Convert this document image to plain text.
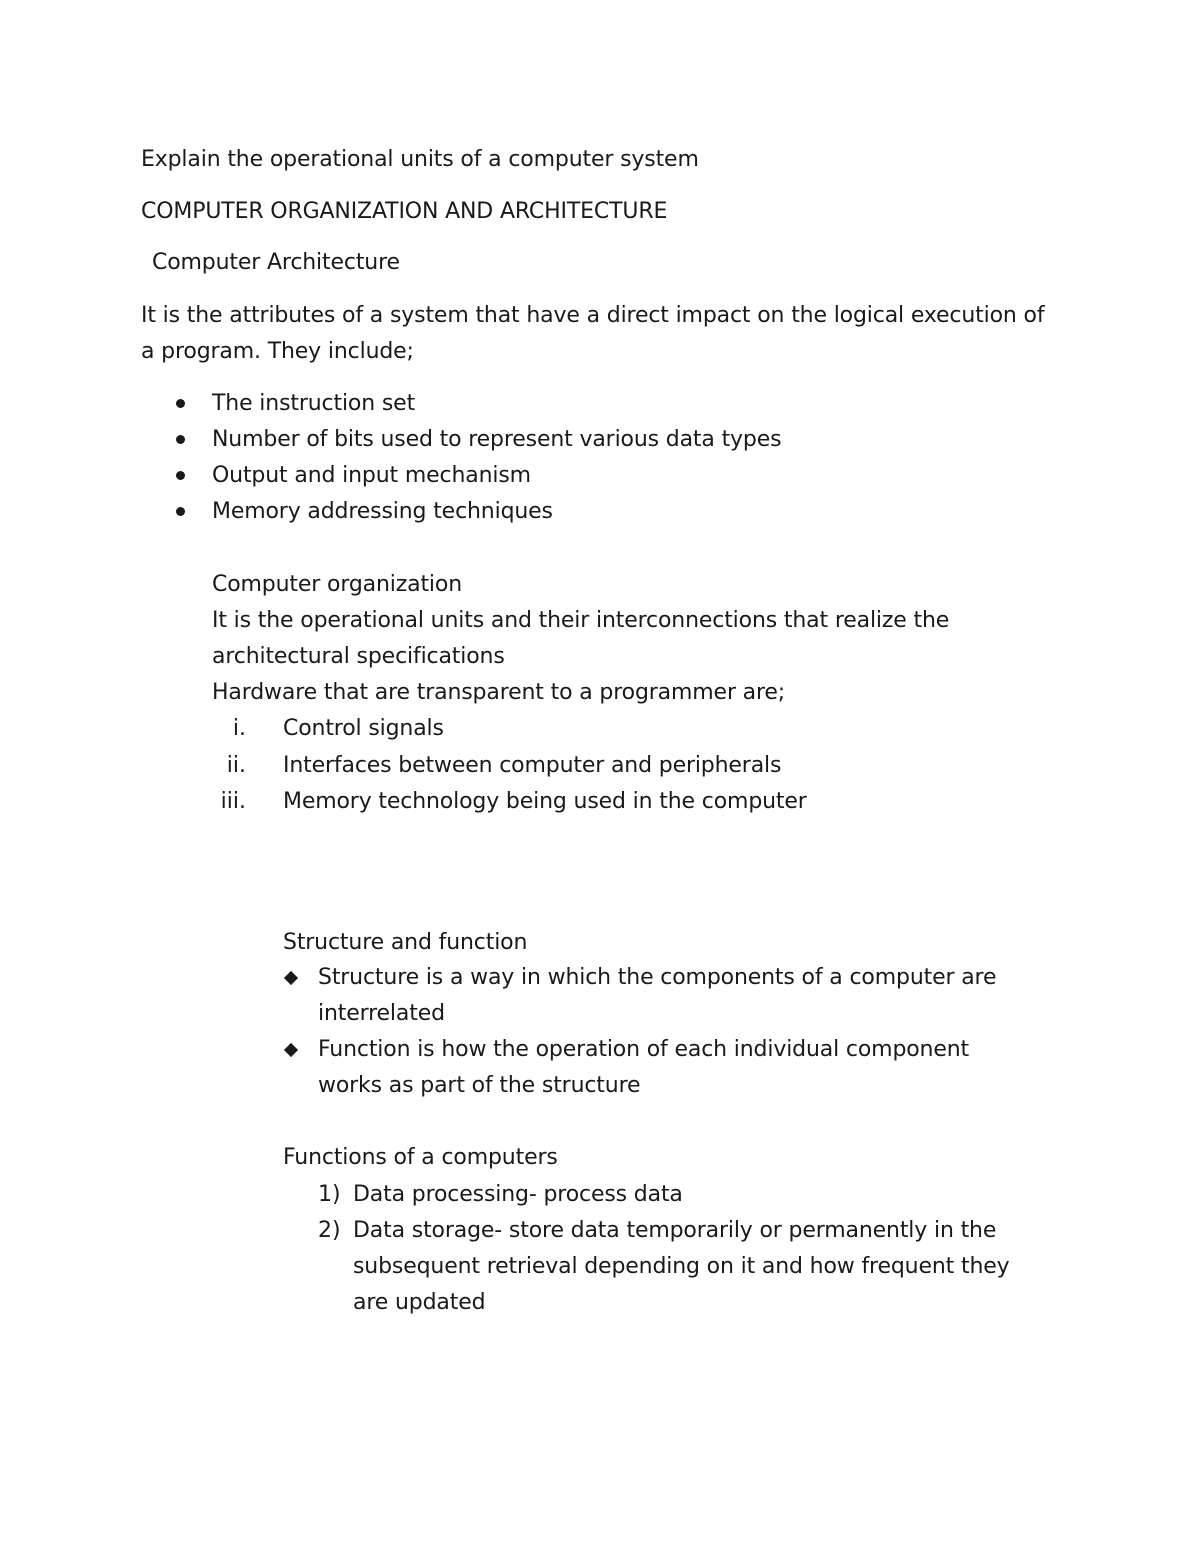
Explain the operational units of a computer system
COMPUTER ORGANIZATION AND ARCHITECTURE
Computer Architecture
It is the attributes of a system that have a direct impact on the logical execution of
a program. They include;
The instruction set
Number of bits used to represent various data types
Output and input mechanism
Memory addressing techniques
Computer organization
It is the operational units and their interconnections that realize the
architectural specifications
Hardware that are transparent to a programmer are;
i. Control signals
ii. Interfaces between computer and peripherals
iii. Memory technology being used in the computer
Structure and function
Structure is a way in which the components of a computer are
interrelated
Function is how the operation of each individual component
works as part of the structure
Functions of a computers
1) Data processing- process data
2) Data storage- store data temporarily or permanently in the
subsequent retrieval depending on it and how frequent they
are updated
